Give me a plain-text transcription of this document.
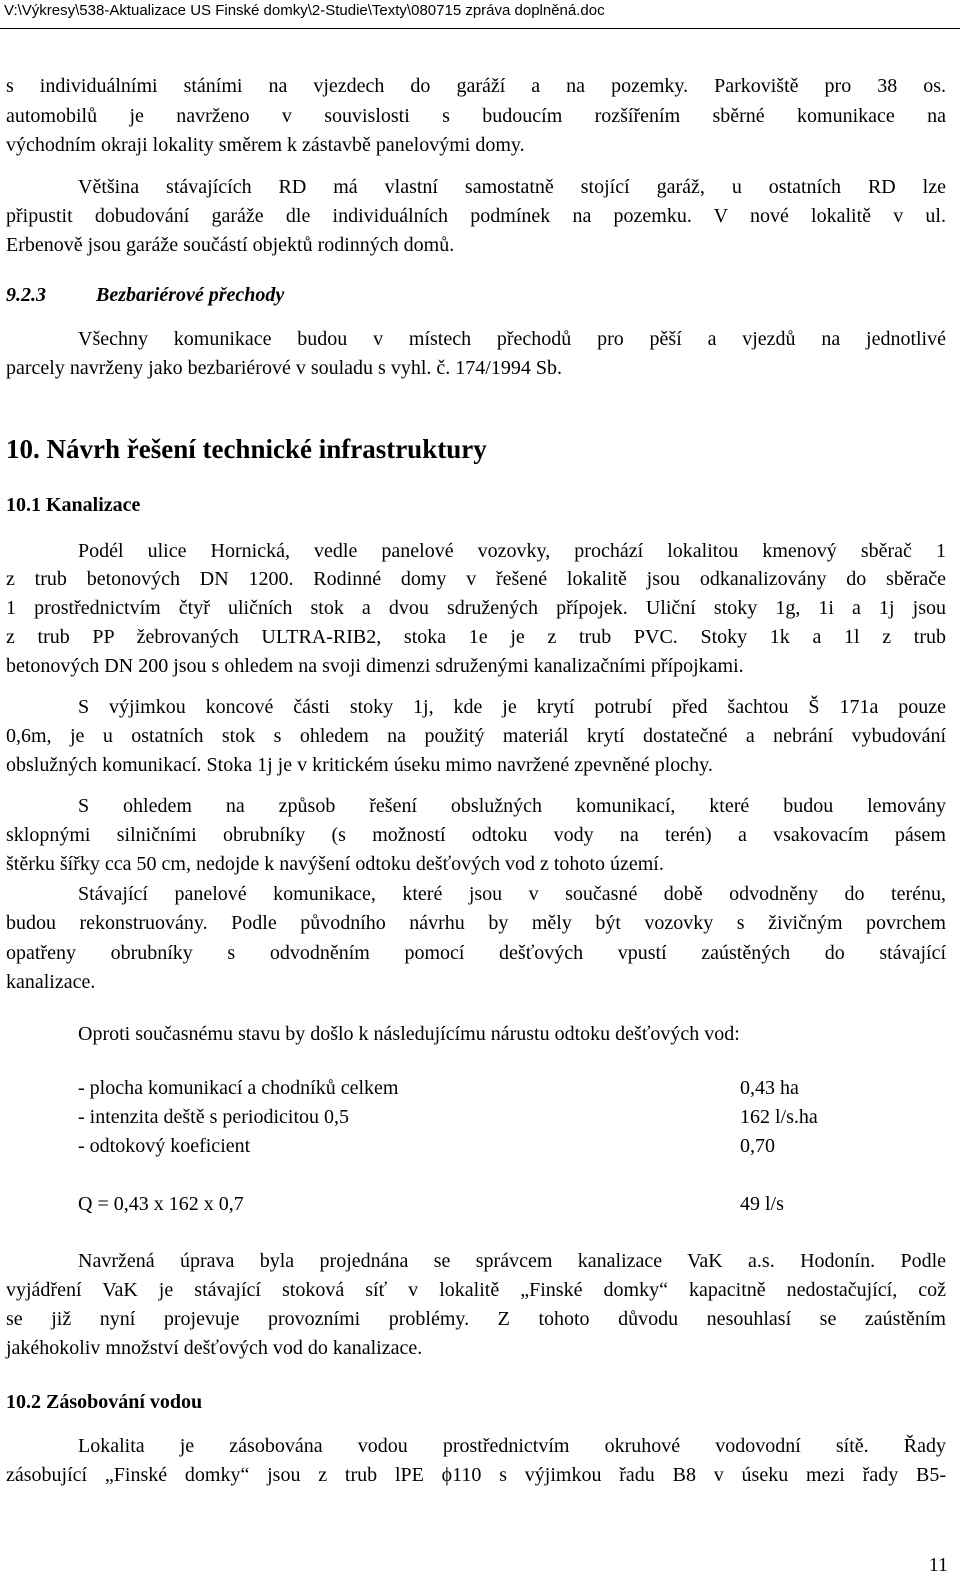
V:\Výkresy\538-Aktualizace US Finské domky\2-Studie\Texty\080715 zpráva doplněná.doc
s individuálními stáními na vjezdech do garáží a na pozemky. Parkoviště pro 38 os.
automobilů je navrženo v souvislosti s budoucím rozšířením sběrné komunikace na
východním okraji lokality směrem k zástavbě panelovými domy.
Většina stávajících RD má vlastní samostatně stojící garáž, u ostatních RD lze
připustit dobudování garáže dle individuálních podmínek na pozemku. V nové lokalitě v ul.
Erbenově jsou garáže součástí objektů rodinných domů.
9.2.3	Bezbariérové přechody
Všechny komunikace budou v místech přechodů pro pěší a vjezdů na jednotlivé
parcely navrženy jako bezbariérové v souladu s vyhl. č. 174/1994 Sb.
10. Návrh řešení technické infrastruktury
10.1 Kanalizace
Podél ulice Hornická, vedle panelové vozovky, prochází lokalitou kmenový sběrač 1
z trub betonových DN 1200. Rodinné domy v řešené lokalitě jsou odkanalizovány do sběrače
1 prostřednictvím čtyř uličních stok a dvou sdružených přípojek. Uliční stoky 1g, 1i a 1j jsou
z trub PP žebrovaných ULTRA-RIB2, stoka 1e je z trub PVC. Stoky 1k a 1l z trub
betonových DN 200 jsou s ohledem na svoji dimenzi sdruženými kanalizačními přípojkami.
S výjimkou koncové části stoky 1j, kde je krytí potrubí před šachtou Š 171a pouze
0,6m, je u ostatních stok s ohledem na použitý materiál krytí dostatečné a nebrání vybudování
obslužných komunikací. Stoka 1j je v kritickém úseku mimo navržené zpevněné plochy.
S ohledem na způsob řešení obslužných komunikací, které budou lemovány
sklopnými silničními obrubníky (s možností odtoku vody na terén) a vsakovacím pásem
štěrku šířky cca 50 cm, nedojde k navýšení odtoku dešťových vod z tohoto území.
Stávající panelové komunikace, které jsou v současné době odvodněny do terénu,
budou rekonstruovány. Podle původního návrhu by měly být vozovky s živičným povrchem
opatřeny obrubníky s odvodněním pomocí dešťových vpustí zaústěných do stávající
kanalizace.
Oproti současnému stavu by došlo k následujícímu nárustu odtoku dešťových vod:
- plocha komunikací a chodníků celkem	0,43 ha
- intenzita deště s periodicitou 0,5	162 l/s.ha
- odtokový koeficient	0,70
Q = 0,43 x 162 x 0,7	49 l/s
Navržená úprava byla projednána se správcem kanalizace VaK a.s. Hodonín. Podle
vyjádření VaK je stávající stoková síť v lokalitě „Finské domky“ kapacitně nedostačující, což
se již nyní projevuje provozními problémy. Z tohoto důvodu nesouhlasí se zaústěním
jakéhokoliv množství dešťových vod do kanalizace.
10.2 Zásobování vodou
Lokalita je zásobována vodou prostřednictvím okruhové vodovodní sítě. Řady
zásobující „Finské domky“ jsou z trub lPE ϕ110 s výjimkou řadu B8 v úseku mezi řady B5-
11
